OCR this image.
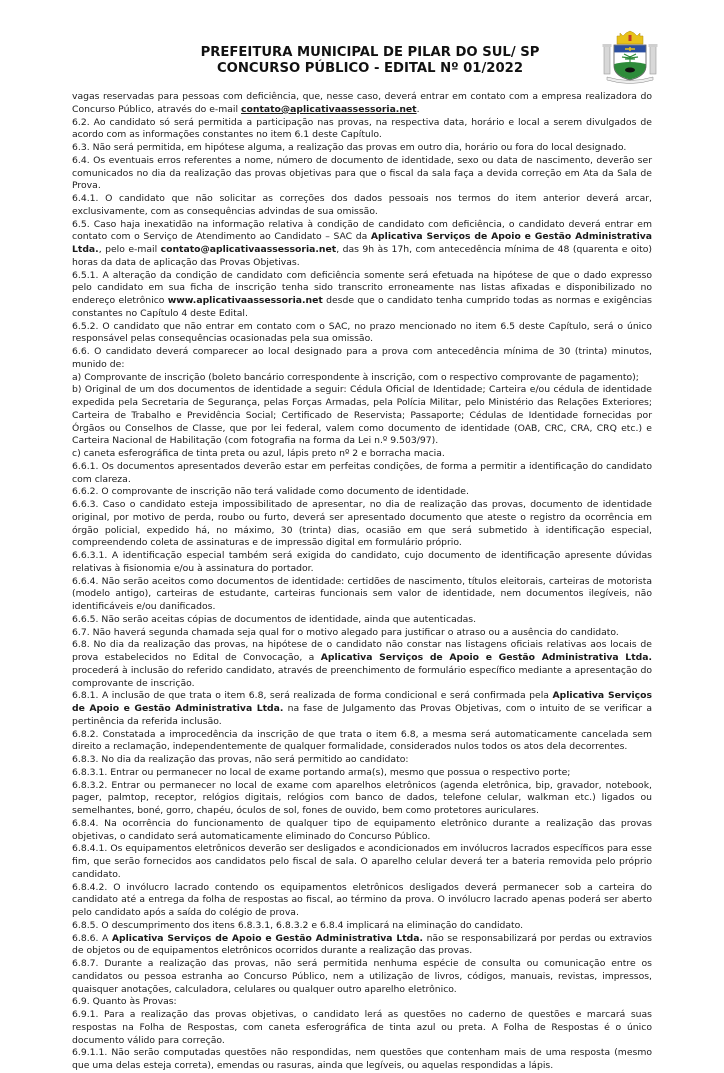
PREFEITURA MUNICIPAL DE PILAR DO SUL/ SP
CONCURSO PÚBLICO - EDITAL Nº 01/2022

vagas reservadas para pessoas com deficiência, que, nesse caso, deverá entrar em contato com a empresa realizadora do Concurso Público, através do e-mail contato@aplicativaassessoria.net.

6.2. Ao candidato só será permitida a participação nas provas, na respectiva data, horário e local a serem divulgados de acordo com as informações constantes no item 6.1 deste Capítulo.

6.3. Não será permitida, em hipótese alguma, a realização das provas em outro dia, horário ou fora do local designado.

6.4. Os eventuais erros referentes a nome, número de documento de identidade, sexo ou data de nascimento, deverão ser comunicados no dia da realização das provas objetivas para que o fiscal da sala faça a devida correção em Ata da Sala de Prova.

6.4.1. O candidato que não solicitar as correções dos dados pessoais nos termos do item anterior deverá arcar, exclusivamente, com as consequências advindas de sua omissão.

6.5. Caso haja inexatidão na informação relativa à condição de candidato com deficiência, o candidato deverá entrar em contato com o Serviço de Atendimento ao Candidato – SAC da Aplicativa Serviços de Apoio e Gestão Administrativa Ltda., pelo e-mail contato@aplicativaassessoria.net, das 9h às 17h, com antecedência mínima de 48 (quarenta e oito) horas da data de aplicação das Provas Objetivas.

6.5.1. A alteração da condição de candidato com deficiência somente será efetuada na hipótese de que o dado expresso pelo candidato em sua ficha de inscrição tenha sido transcrito erroneamente nas listas afixadas e disponibilizado no endereço eletrônico www.aplicativaassessoria.net desde que o candidato tenha cumprido todas as normas e exigências constantes no Capítulo 4 deste Edital.

6.5.2. O candidato que não entrar em contato com o SAC, no prazo mencionado no item 6.5 deste Capítulo, será o único responsável pelas consequências ocasionadas pela sua omissão.

6.6. O candidato deverá comparecer ao local designado para a prova com antecedência mínima de 30 (trinta) minutos, munido de:

a) Comprovante de inscrição (boleto bancário correspondente à inscrição, com o respectivo comprovante de pagamento);

b) Original de um dos documentos de identidade a seguir: Cédula Oficial de Identidade; Carteira e/ou cédula de identidade expedida pela Secretaria de Segurança, pelas Forças Armadas, pela Polícia Militar, pelo Ministério das Relações Exteriores; Carteira de Trabalho e Previdência Social; Certificado de Reservista; Passaporte; Cédulas de Identidade fornecidas por Órgãos ou Conselhos de Classe, que por lei federal, valem como documento de identidade (OAB, CRC, CRA, CRQ etc.) e Carteira Nacional de Habilitação (com fotografia na forma da Lei n.º 9.503/97).

c) caneta esferográfica de tinta preta ou azul, lápis preto nº 2 e borracha macia.

6.6.1. Os documentos apresentados deverão estar em perfeitas condições, de forma a permitir a identificação do candidato com clareza.

6.6.2. O comprovante de inscrição não terá validade como documento de identidade.

6.6.3. Caso o candidato esteja impossibilitado de apresentar, no dia de realização das provas, documento de identidade original, por motivo de perda, roubo ou furto, deverá ser apresentado documento que ateste o registro da ocorrência em órgão policial, expedido há, no máximo, 30 (trinta) dias, ocasião em que será submetido à identificação especial, compreendendo coleta de assinaturas e de impressão digital em formulário próprio.

6.6.3.1. A identificação especial também será exigida do candidato, cujo documento de identificação apresente dúvidas relativas à fisionomia e/ou à assinatura do portador.

6.6.4. Não serão aceitos como documentos de identidade: certidões de nascimento, títulos eleitorais, carteiras de motorista (modelo antigo), carteiras de estudante, carteiras funcionais sem valor de identidade, nem documentos ilegíveis, não identificáveis e/ou danificados.

6.6.5. Não serão aceitas cópias de documentos de identidade, ainda que autenticadas.

6.7. Não haverá segunda chamada seja qual for o motivo alegado para justificar o atraso ou a ausência do candidato.

6.8. No dia da realização das provas, na hipótese de o candidato não constar nas listagens oficiais relativas aos locais de prova estabelecidos no Edital de Convocação, a Aplicativa Serviços de Apoio e Gestão Administrativa Ltda. procederá à inclusão do referido candidato, através de preenchimento de formulário específico mediante a apresentação do comprovante de inscrição.

6.8.1. A inclusão de que trata o item 6.8, será realizada de forma condicional e será confirmada pela Aplicativa Serviços de Apoio e Gestão Administrativa Ltda. na fase de Julgamento das Provas Objetivas, com o intuito de se verificar a pertinência da referida inclusão.

6.8.2. Constatada a improcedência da inscrição de que trata o item 6.8, a mesma será automaticamente cancelada sem direito a reclamação, independentemente de qualquer formalidade, considerados nulos todos os atos dela decorrentes.

6.8.3. No dia da realização das provas, não será permitido ao candidato:

6.8.3.1. Entrar ou permanecer no local de exame portando arma(s), mesmo que possua o respectivo porte;

6.8.3.2. Entrar ou permanecer no local de exame com aparelhos eletrônicos (agenda eletrônica, bip, gravador, notebook, pager, palmtop, receptor, relógios digitais, relógios com banco de dados, telefone celular, walkman etc.) ligados ou semelhantes, boné, gorro, chapéu, óculos de sol, fones de ouvido, bem como protetores auriculares.

6.8.4. Na ocorrência do funcionamento de qualquer tipo de equipamento eletrônico durante a realização das provas objetivas, o candidato será automaticamente eliminado do Concurso Público.

6.8.4.1. Os equipamentos eletrônicos deverão ser desligados e acondicionados em invólucros lacrados específicos para esse fim, que serão fornecidos aos candidatos pelo fiscal de sala. O aparelho celular deverá ter a bateria removida pelo próprio candidato.

6.8.4.2. O invólucro lacrado contendo os equipamentos eletrônicos desligados deverá permanecer sob a carteira do candidato até a entrega da folha de respostas ao fiscal, ao término da prova. O invólucro lacrado apenas poderá ser aberto pelo candidato após a saída do colégio de prova.

6.8.5. O descumprimento dos itens 6.8.3.1, 6.8.3.2 e 6.8.4 implicará na eliminação do candidato.

6.8.6. A Aplicativa Serviços de Apoio e Gestão Administrativa Ltda. não se responsabilizará por perdas ou extravios de objetos ou de equipamentos eletrônicos ocorridos durante a realização das provas.

6.8.7. Durante a realização das provas, não será permitida nenhuma espécie de consulta ou comunicação entre os candidatos ou pessoa estranha ao Concurso Público, nem a utilização de livros, códigos, manuais, revistas, impressos, quaisquer anotações, calculadora, celulares ou qualquer outro aparelho eletrônico.

6.9. Quanto às Provas:

6.9.1. Para a realização das provas objetivas, o candidato lerá as questões no caderno de questões e marcará suas respostas na Folha de Respostas, com caneta esferográfica de tinta azul ou preta. A Folha de Respostas é o único documento válido para correção.

6.9.1.1. Não serão computadas questões não respondidas, nem questões que contenham mais de uma resposta (mesmo que uma delas esteja correta), emendas ou rasuras, ainda que legíveis, ou aquelas respondidas a lápis.
